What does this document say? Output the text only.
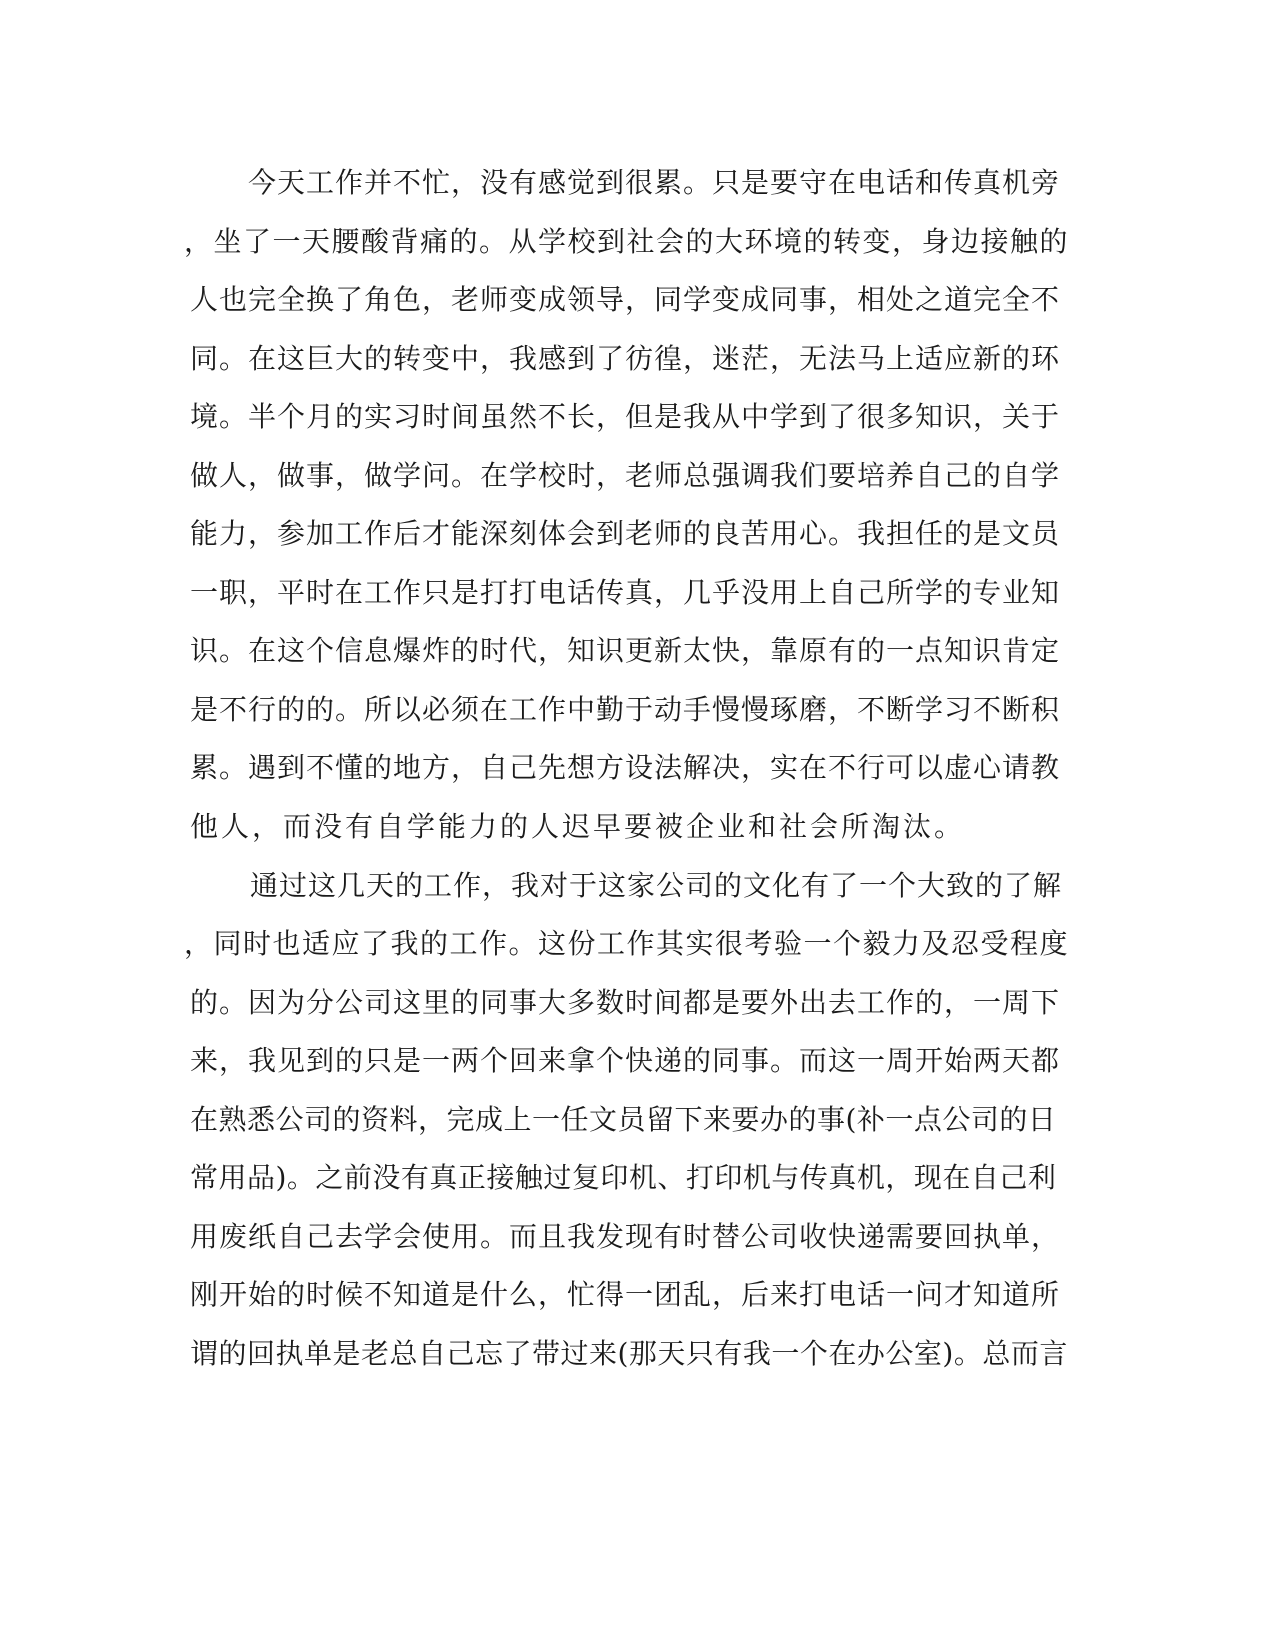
今天工作并不忙，没有感觉到很累。只是要守在电话和传真机旁
，坐了一天腰酸背痛的。从学校到社会的大环境的转变，身边接触的
人也完全换了角色，老师变成领导，同学变成同事，相处之道完全不
同。在这巨大的转变中，我感到了彷徨，迷茫，无法马上适应新的环
境。半个月的实习时间虽然不长，但是我从中学到了很多知识，关于
做人，做事，做学问。在学校时，老师总强调我们要培养自己的自学
能力，参加工作后才能深刻体会到老师的良苦用心。我担任的是文员
一职，平时在工作只是打打电话传真，几乎没用上自己所学的专业知
识。在这个信息爆炸的时代，知识更新太快，靠原有的一点知识肯定
是不行的的。所以必须在工作中勤于动手慢慢琢磨，不断学习不断积
累。遇到不懂的地方，自己先想方设法解决，实在不行可以虚心请教
他人，而没有自学能力的人迟早要被企业和社会所淘汰。
通过这几天的工作，我对于这家公司的文化有了一个大致的了解
，同时也适应了我的工作。这份工作其实很考验一个毅力及忍受程度
的。因为分公司这里的同事大多数时间都是要外出去工作的，一周下
来，我见到的只是一两个回来拿个快递的同事。而这一周开始两天都
在熟悉公司的资料，完成上一任文员留下来要办的事(补一点公司的日
常用品)。之前没有真正接触过复印机、打印机与传真机，现在自己利
用废纸自己去学会使用。而且我发现有时替公司收快递需要回执单，
刚开始的时候不知道是什么，忙得一团乱，后来打电话一问才知道所
谓的回执单是老总自己忘了带过来(那天只有我一个在办公室)。总而言
